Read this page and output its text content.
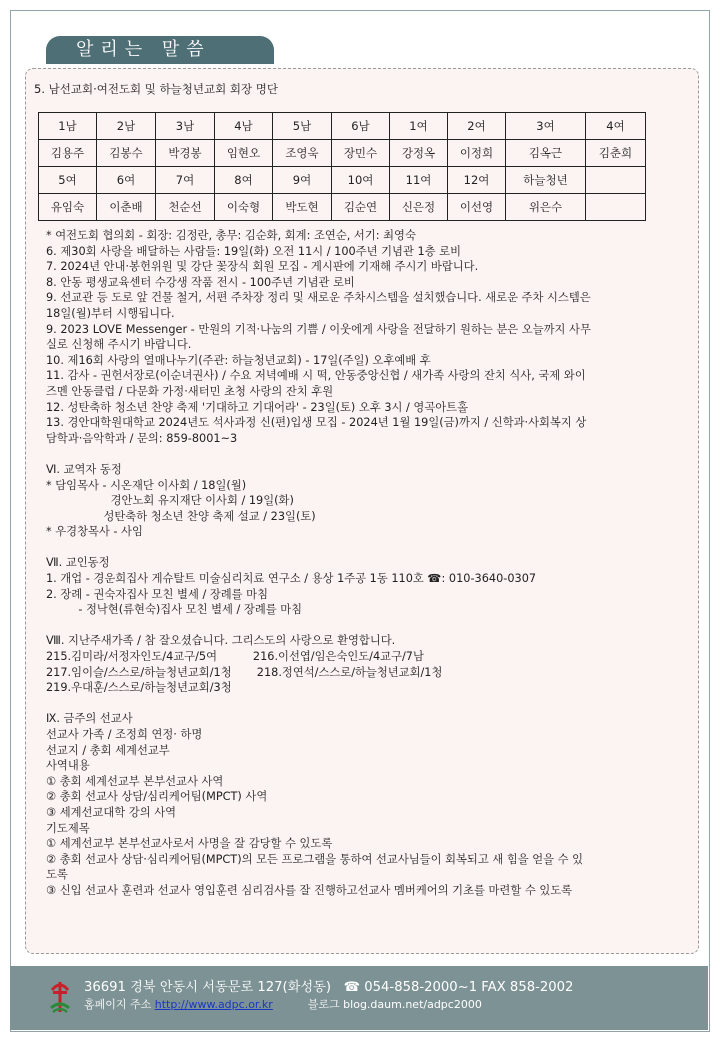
알리는 말씀
5. 남선교회·여전도회 및 하늘청년교회 회장 명단
1남	2남	3남	4남	5남	6남	1여	2여	3여	4여
김용주	김봉수	박경봉	임현오	조영욱	장민수	강정옥	이정희	김옥근	김춘희
5여	6여	7여	8여	9여	10여	11여	12여	하늘청년	
유임숙	이춘배	천순선	이숙형	박도현	김순연	신은정	이선영	위은수	
* 여전도회 협의회 - 회장: 김정란, 총무: 김순화, 회계: 조연순, 서기: 최영숙
6. 제30회 사랑을 배달하는 사람들: 19일(화) 오전 11시 / 100주년 기념관 1층 로비
7. 2024년 안내·봉헌위원 및 강단 꽃장식 회원 모집 - 게시판에 기재해 주시기 바랍니다.
8. 안동 평생교육센터 수강생 작품 전시 - 100주년 기념관 로비
9. 선교관 등 도로 앞 건물 철거, 서편 주차장 정리 및 새로운 주차시스템을 설치했습니다. 새로운 주차 시스템은
18일(월)부터 시행됩니다.
9. 2023 LOVE Messenger - 만원의 기적·나눔의 기쁨 / 이웃에게 사랑을 전달하기 원하는 분은 오늘까지 사무
실로 신청해 주시기 바랍니다.
10. 제16회 사랑의 열매나누기(주관: 하늘청년교회) - 17일(주일) 오후예배 후
11. 감사 - 권헌서장로(이순녀권사) / 수요 저녁예배 시 떡, 안동중앙신협 / 새가족 사랑의 잔치 식사, 국제 와이
즈멘 안동클럽 / 다문화 가정·새터민 초청 사랑의 잔치 후원
12. 성탄축하 청소년 찬양 축제 '기대하고 기대어라' - 23일(토) 오후 3시 / 영곡아트홀
13. 경안대학원대학교 2024년도 석사과정 신(편)입생 모집 - 2024년 1월 19일(금)까지 / 신학과·사회복지 상
담학과·음악학과 / 문의: 859-8001~3
Ⅵ. 교역자 동정
* 담임목사 - 시온재단 이사회 / 18일(월)
경안노회 유지재단 이사회 / 19일(화)
성탄축하 청소년 찬양 축제 설교 / 23일(토)
* 우경창목사 - 사임
Ⅶ. 교인동정
1. 개업 - 경운희집사 게슈탈트 미술심리치료 연구소 / 용상 1주공 1동 110호 ☎: 010-3640-0307
2. 장례 - 권숙자집사 모친 별세 / 장례를 마침
- 정낙현(류현숙)집사 모친 별세 / 장례를 마침
Ⅷ. 지난주새가족 / 참 잘오셨습니다. 그리스도의 사랑으로 환영합니다.
215.김미라/서정자인도/4교구/5여          216.이선엽/임은숙인도/4교구/7남
217.임이슬/스스로/하늘청년교회/1청       218.정연석/스스로/하늘청년교회/1청
219.우대훈/스스로/하늘청년교회/3청
Ⅸ. 금주의 선교사
선교사 가족 / 조정희 연정· 하명
선교지 / 총회 세계선교부
사역내용
① 총회 세계선교부 본부선교사 사역
② 총회 선교사 상담/심리케어팀(MPCT) 사역
③ 세계선교대학 강의 사역
기도제목
① 세계선교부 본부선교사로서 사명을 잘 감당할 수 있도록
② 총회 선교사 상담·심리케어팀(MPCT)의 모든 프로그램을 통하여 선교사님들이 회복되고 새 힘을 얻을 수 있
도록
③ 신입 선교사 훈련과 선교사 영입훈련 심리검사를 잘 진행하고선교사 멤버케어의 기초를 마련할 수 있도록
36691 경북 안동시 서동문로 127(화성동) ☎ 054-858-2000~1 FAX 858-2002
홈페이지 주소 http://www.adpc.or.kr	블로그 blog.daum.net/adpc2000
